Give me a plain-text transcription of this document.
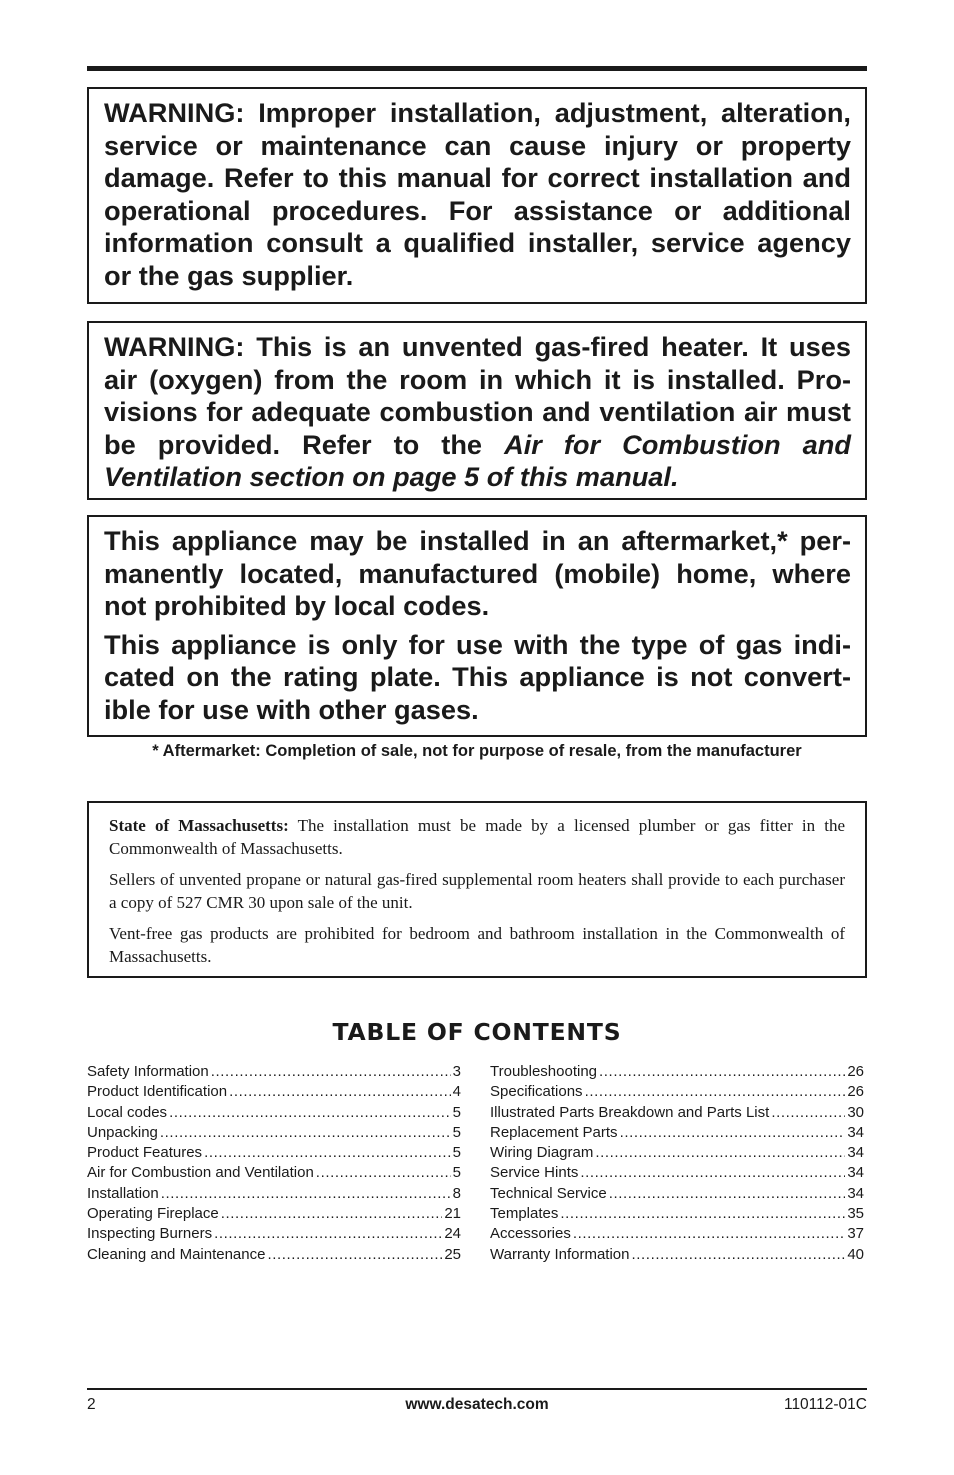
WARNING: Improper installation, adjustment, alteration, service or maintenance can cause injury or property damage. Refer to this manual for correct installation and operational procedures. For assistance or additional information consult a qualified installer, service agency or the gas supplier.

WARNING: This is an unvented gas-fired heater. It uses air (oxygen) from the room in which it is installed. Provisions for adequate combustion and ventilation air must be provided. Refer to the Air for Combustion and Ventilation section on page 5 of this manual.

This appliance may be installed in an aftermarket,* permanently located, manufactured (mobile) home, where not prohibited by local codes.

This appliance is only for use with the type of gas indicated on the rating plate. This appliance is not convertible for use with other gases.

* Aftermarket: Completion of sale, not for purpose of resale, from the manufacturer

State of Massachusetts: The installation must be made by a licensed plumber or gas fitter in the Commonwealth of Massachusetts.

Sellers of unvented propane or natural gas-fired supplemental room heaters shall provide to each purchaser a copy of 527 CMR 30 upon sale of the unit.

Vent-free gas products are prohibited for bedroom and bathroom installation in the Commonwealth of Massachusetts.

TABLE OF CONTENTS
Safety Information .....	3
Product Identification .....	4
Local codes .....	5
Unpacking .....	5
Product Features .....	5
Air for Combustion and Ventilation .....	5
Installation .....	8
Operating Fireplace .....	21
Inspecting Burners .....	24
Cleaning and Maintenance .....	25
Troubleshooting .....	26
Specifications .....	26
Illustrated Parts Breakdown and Parts List .....	30
Replacement Parts .....	34
Wiring Diagram .....	34
Service Hints .....	34
Technical Service .....	34
Templates .....	35
Accessories .....	37
Warranty Information .....	40
2	www.desatech.com	110112-01C
